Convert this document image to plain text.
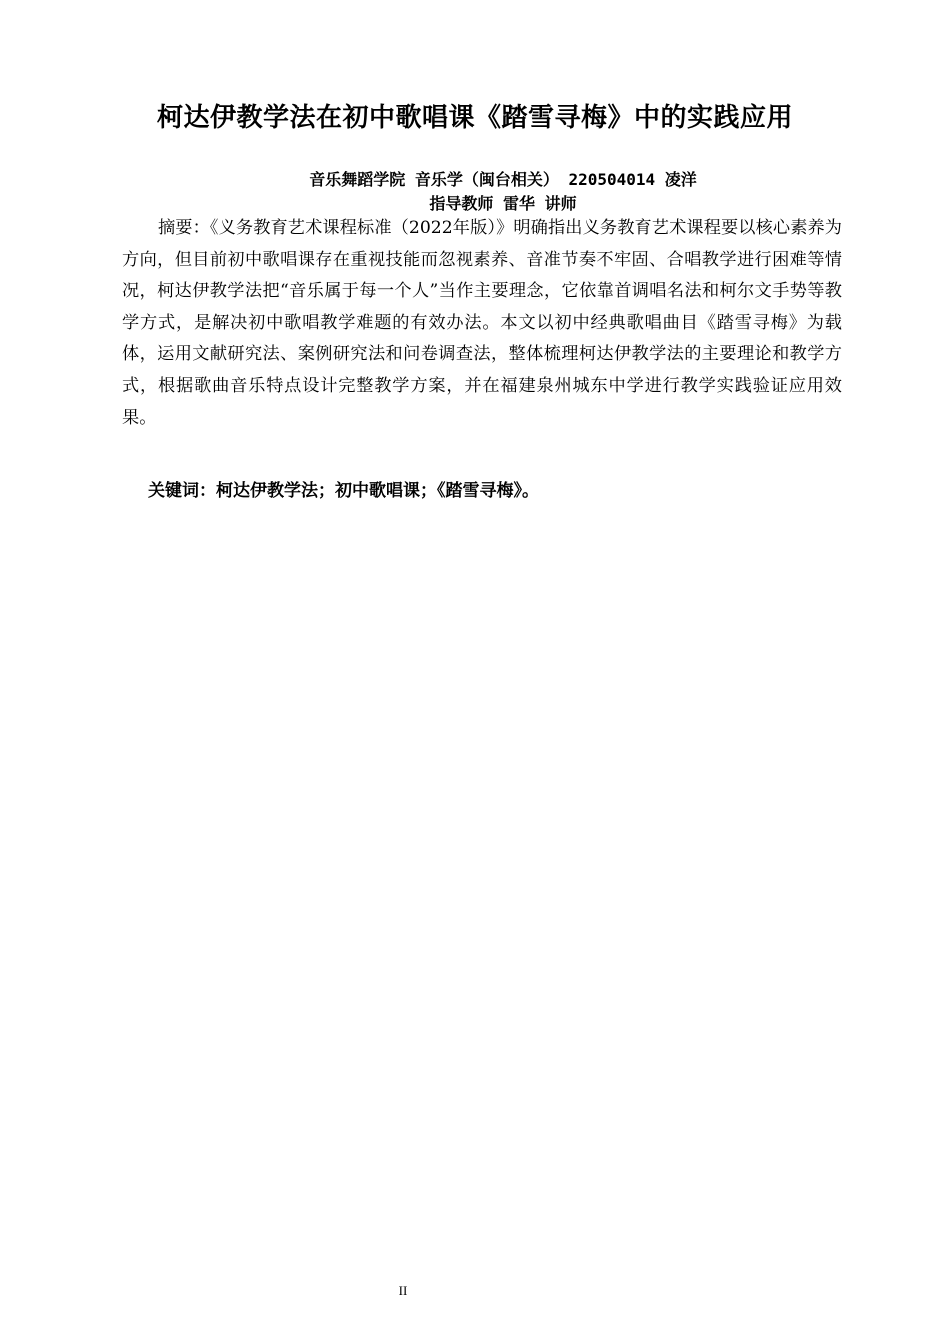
柯达伊教学法在初中歌唱课《踏雪寻梅》中的实践应用
音乐舞蹈学院 音乐学（闽台相关） 220504014 凌洋
指导教师 雷华 讲师

摘要：《义务教育艺术课程标准（2022年版）》明确指出义务教育艺术课程要以核心素养为方向，但目前初中歌唱课存在重视技能而忽视素养、音准节奏不牢固、合唱教学进行困难等情况，柯达伊教学法把“音乐属于每一个人”当作主要理念，它依靠首调唱名法和柯尔文手势等教学方式，是解决初中歌唱教学难题的有效办法。本文以初中经典歌唱曲目《踏雪寻梅》为载体，运用文献研究法、案例研究法和问卷调查法，整体梳理柯达伊教学法的主要理论和教学方式，根据歌曲音乐特点设计完整教学方案，并在福建泉州城东中学进行教学实践验证应用效果。

关键词：柯达伊教学法；初中歌唱课；《踏雪寻梅》。
II
